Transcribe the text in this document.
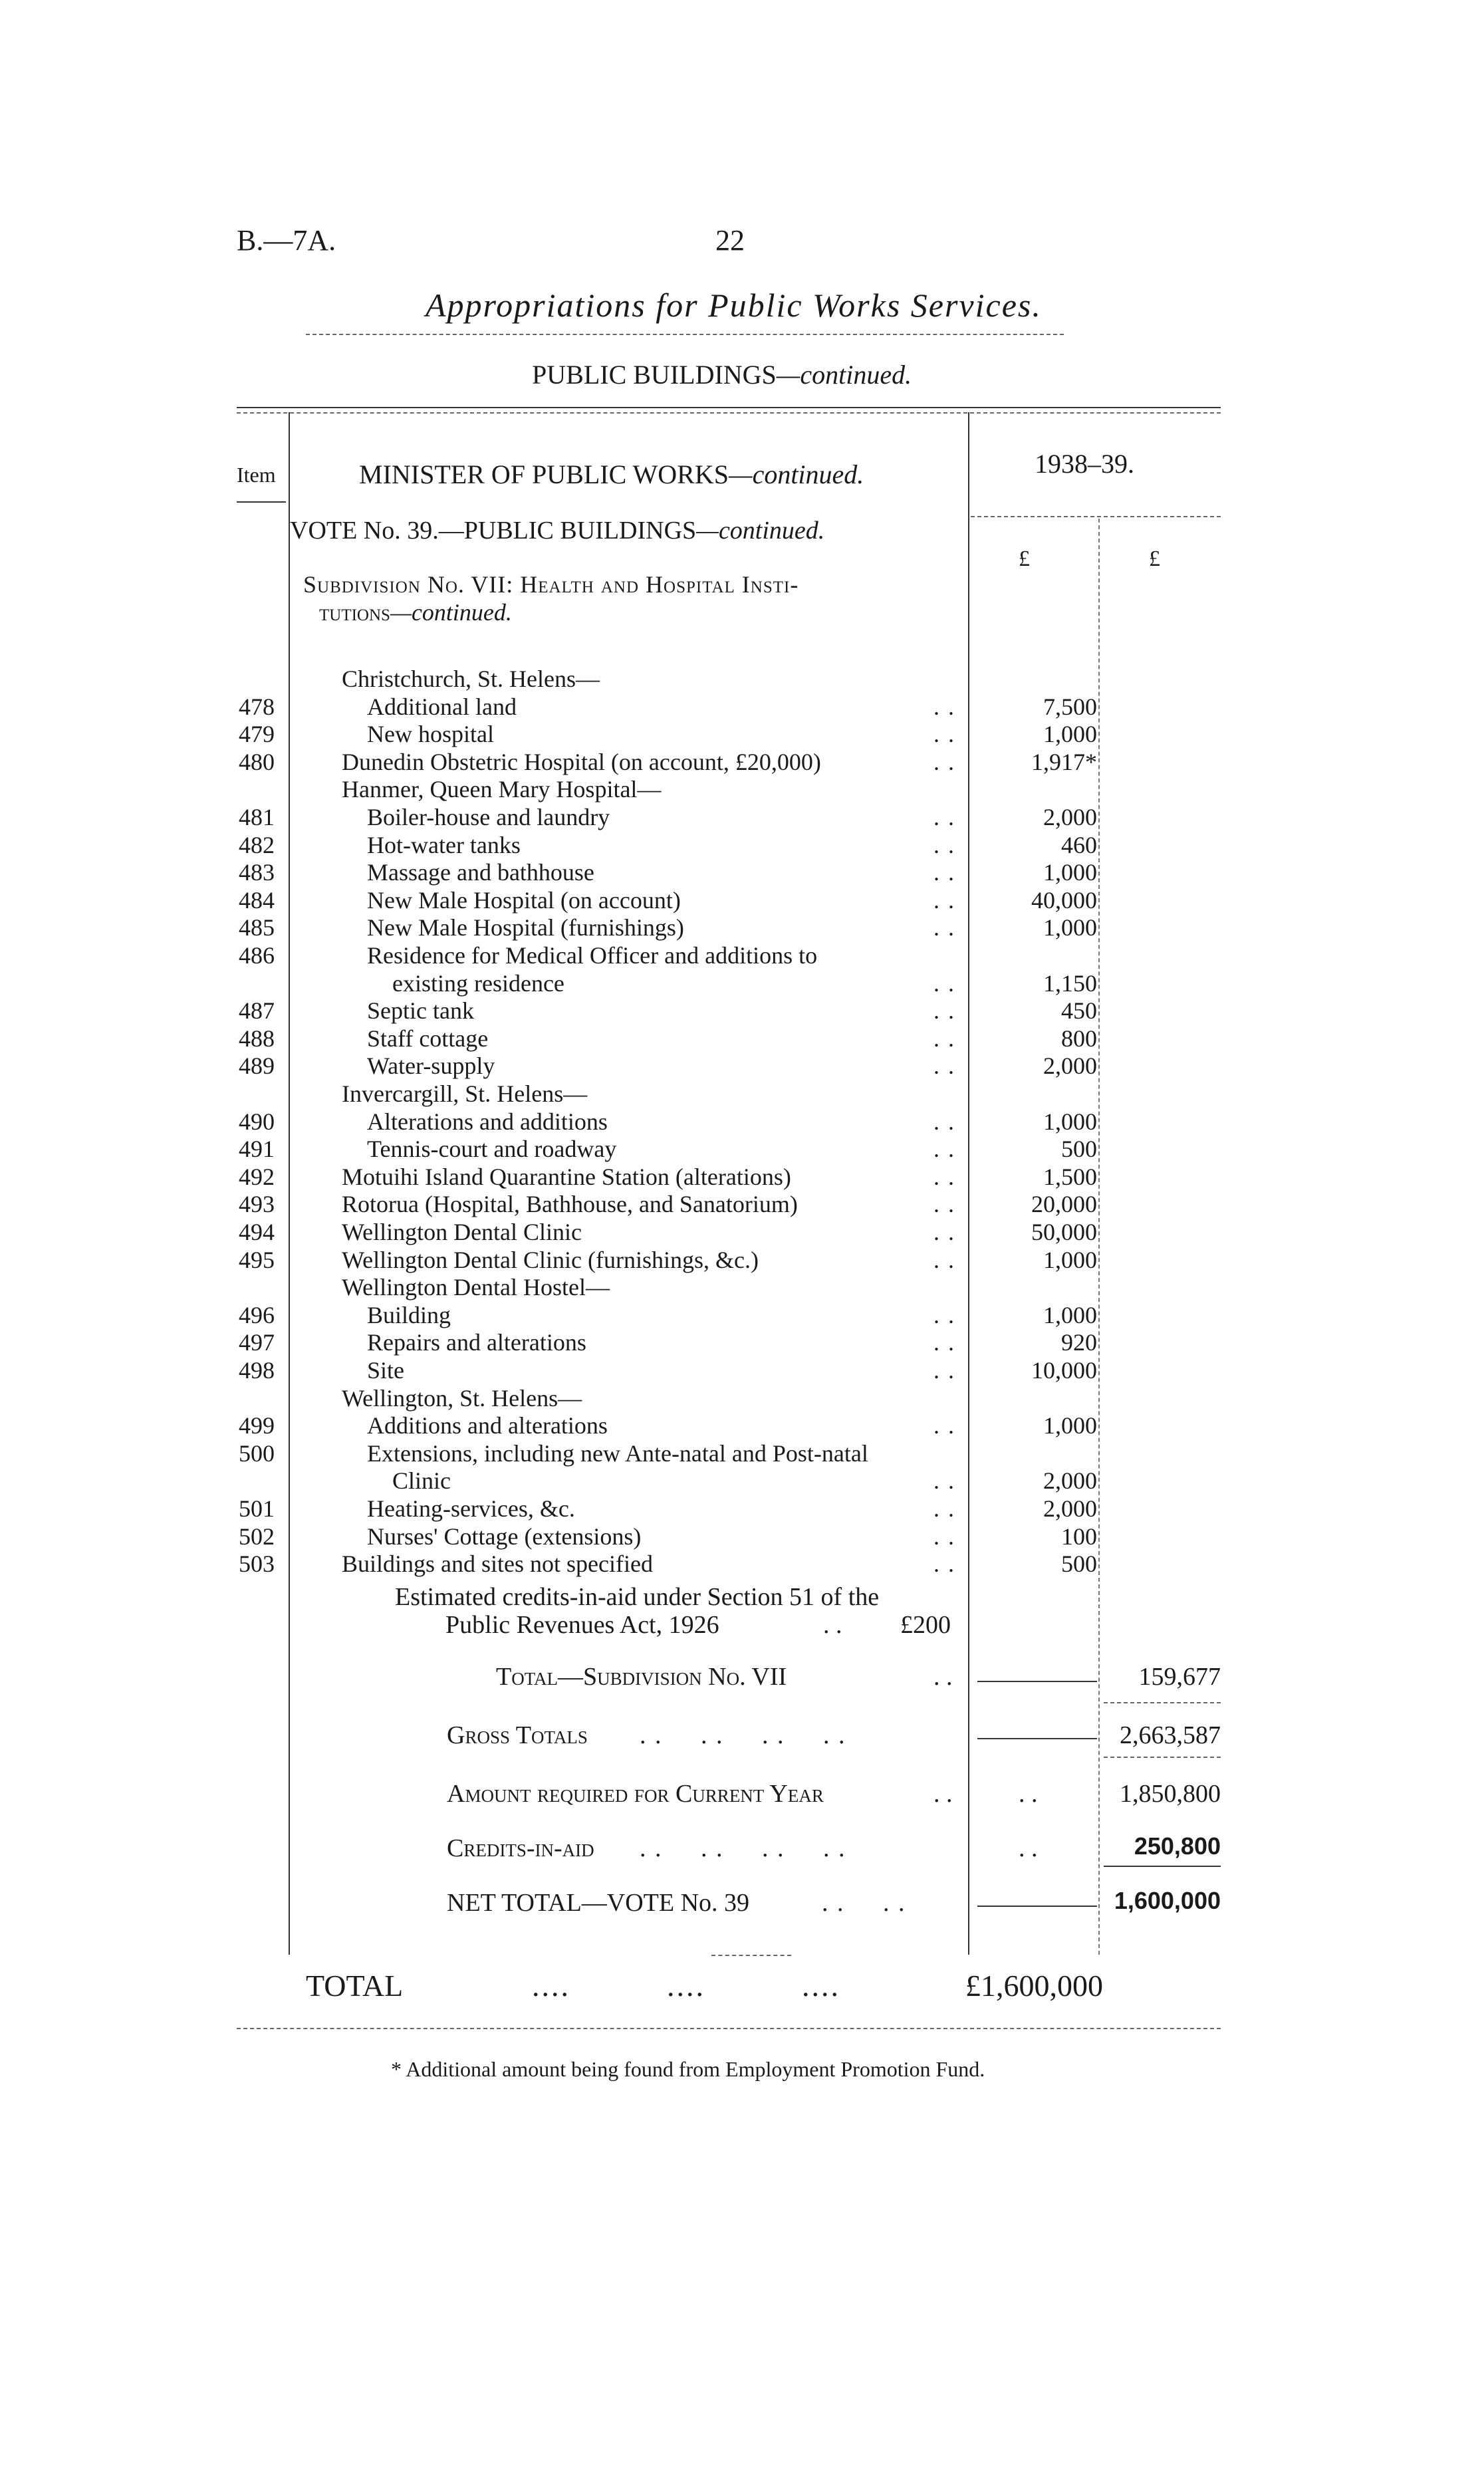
B.—7A.	22
Appropriations for Public Works Services.
PUBLIC BUILDINGS—continued.
Item	MINISTER OF PUBLIC WORKS—continued.	1938–39.
VOTE No. 39.—PUBLIC BUILDINGS—continued.
£	£
Subdivision No. VII: Health and Hospital Insti-
tutions—continued.
Christchurch, St. Helens—
478	Additional land	. .	7,500
479	New hospital	. .	1,000
480	Dunedin Obstetric Hospital (on account, £20,000)	. .	1,917*
Hanmer, Queen Mary Hospital—
481	Boiler-house and laundry	. .	2,000
482	Hot-water tanks	. .	460
483	Massage and bathhouse	. .	1,000
484	New Male Hospital (on account)	. .	40,000
485	New Male Hospital (furnishings)	. .	1,000
486	Residence for Medical Officer and additions to
existing residence	. .	1,150
487	Septic tank	. .	450
488	Staff cottage	. .	800
489	Water-supply	. .	2,000
Invercargill, St. Helens—
490	Alterations and additions	. .	1,000
491	Tennis-court and roadway	. .	500
492	Motuihi Island Quarantine Station (alterations)	. .	1,500
493	Rotorua (Hospital, Bathhouse, and Sanatorium)	. .	20,000
494	Wellington Dental Clinic	. .	50,000
495	Wellington Dental Clinic (furnishings, &c.)	. .	1,000
Wellington Dental Hostel—
496	Building	. .	1,000
497	Repairs and alterations	. .	920
498	Site	. .	10,000
Wellington, St. Helens—
499	Additions and alterations	. .	1,000
500	Extensions, including new Ante-natal and Post-natal
Clinic	. .	2,000
501	Heating-services, &c.	. .	2,000
502	Nurses' Cottage (extensions)	. .	100
503	Buildings and sites not specified	. .	500
Estimated credits-in-aid under Section 51 of the
Public Revenues Act, 1926	£200
. .
Total—Subdivision No. VII	. .	159,677
Gross Totals . .     . .     . .     . .	2,663,587
Amount required for Current Year	. .	. .	1,850,800
Credits-in-aid . .     . .     . .     . .	. .	250,800
NET TOTAL—VOTE No. 39	. .     . .	1,600,000
TOTAL	....          ....          ....	£1,600,000
* Additional amount being found from Employment Promotion Fund.
